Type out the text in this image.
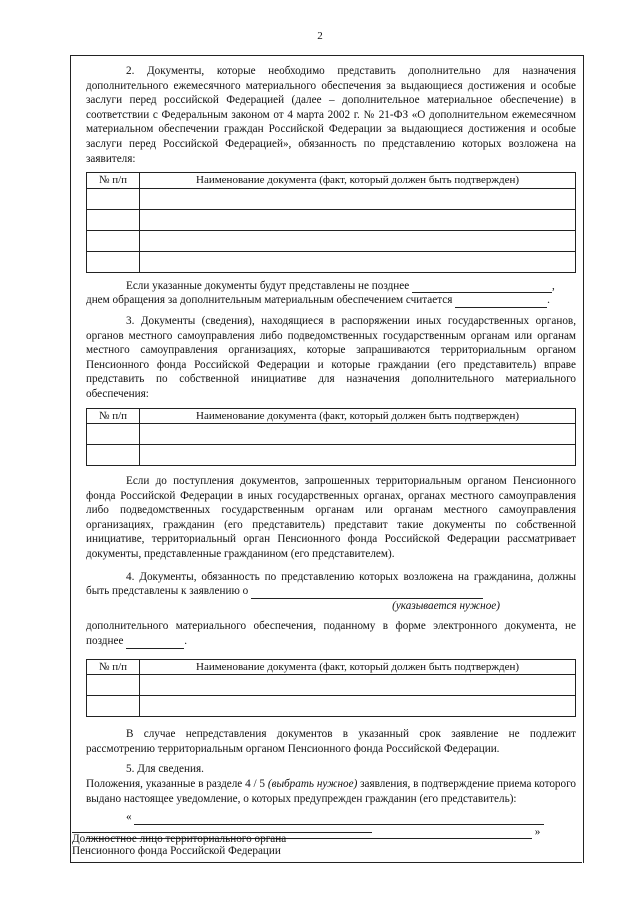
2

2. Документы, которые необходимо представить дополнительно для назначения дополнительного ежемесячного материального обеспечения за выдающиеся достижения и особые заслуги перед российской Федерацией (далее – дополнительное материальное обеспечение) в соответствии с Федеральным законом от 4 марта 2002 г. № 21-ФЗ «О дополнительном ежемесячном материальном обеспечении граждан Российской Федерации за выдающиеся достижения и особые заслуги перед Российской Федерацией», обязанность по представлению которых возложена на заявителя:

№ п/п	Наименование документа (факт, который должен быть подтвержден)

Если указанные документы будут представлены не позднее	,

днем обращения за дополнительным материальным обеспечением считается	.

3. Документы (сведения), находящиеся в распоряжении иных государственных органов, органов местного самоуправления либо подведомственных государственным органам или органам местного самоуправления организациях, которые запрашиваются территориальным органом Пенсионного фонда Российской Федерации и которые граждании (его представитель) вправе представить по собственной инициативе для назначения дополнительного материального обеспечения:

№ п/п	Наименование документа (факт, который должен быть подтвержден)

Если до поступления документов, запрошенных территориальным органом Пенсионного фонда Российской Федерации в иных государственных органах, органах местного самоуправления либо подведомственных государственным органам или органам местного самоуправления организациях, гражданин (его представитель) представит такие документы по собственной инициативе, территориальный орган Пенсионного фонда Российской Федерации рассматривает документы, представленные гражданином (его представителем).

4. Документы, обязанность по представлению которых возложена на гражданина, должны быть представлены к заявлению о

(указывается нужное)

дополнительного материального обеспечения, поданному в форме электронного документа, не позднее	.

№ п/п	Наименование документа (факт, который должен быть подтвержден)

В случае непредставления документов в указанный срок заявление не подлежит рассмотрению территориальным органом Пенсионного фонда Российской Федерации.

5. Для сведения.

Положения, указанные в разделе 4 / 5 (выбрать нужное) заявления, в подтверждение приема которого выдано настоящее уведомление, о которых предупрежден гражданин (его представитель):

«

»

Должностное лицо территориального органа
Пенсионного фонда Российской Федерации
